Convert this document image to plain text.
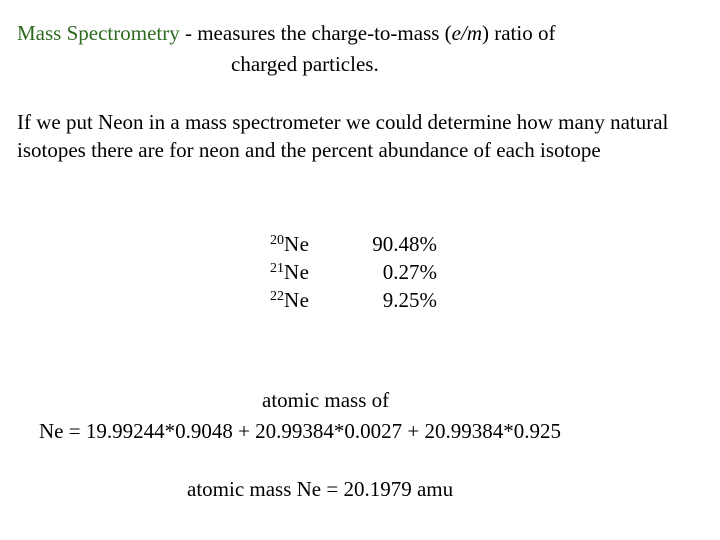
Mass Spectrometry - measures the charge-to-mass (e/m) ratio of
charged particles.
If we put Neon in a mass spectrometer we could determine how many natural isotopes there are for neon and the percent abundance of each isotope
$^{20}$Ne	90.48%
$^{21}$Ne	0.27%
$^{22}$Ne	9.25%
atomic mass of
Ne = 19.99244*0.9048 + 20.99384*0.0027 + 20.99384*0.925
atomic mass Ne = 20.1979 amu
